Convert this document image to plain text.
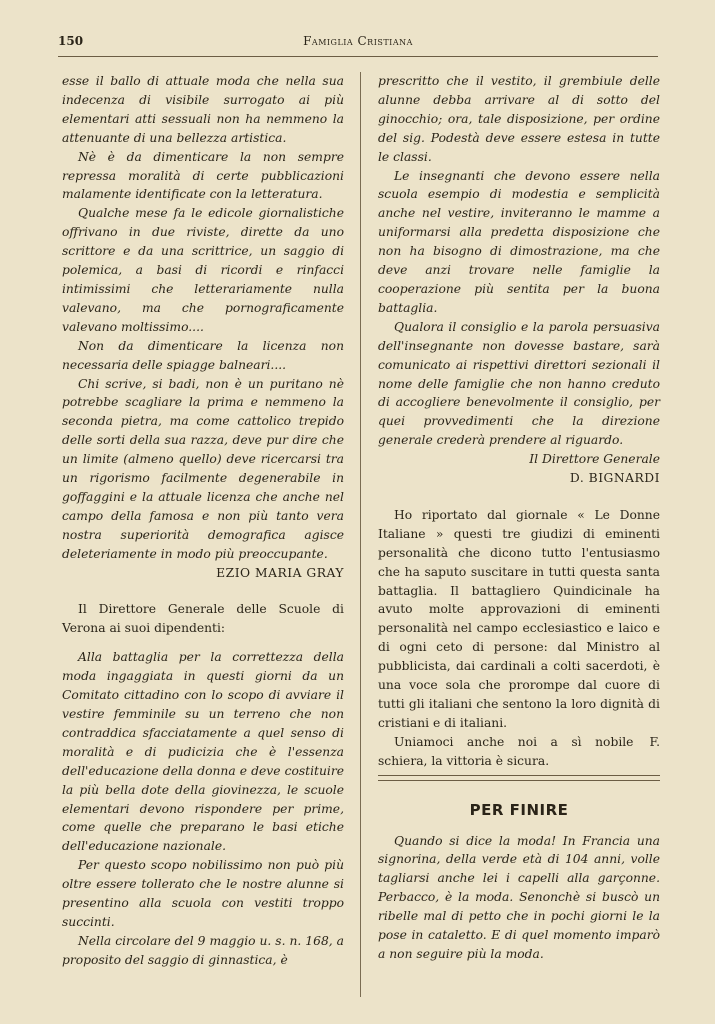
150	Famiglia Cristiana

esse il ballo di attuale moda che nella sua indecenza di visibile surrogato ai più elementari atti sessuali non ha nemmeno la attenuante di una bellezza artistica.

Nè è da dimenticare la non sempre repressa moralità di certe pubblicazioni malamente identificate con la letteratura.

Qualche mese fa le edicole giornalistiche offrivano in due riviste, dirette da uno scrittore e da una scrittrice, un saggio di polemica, a basi di ricordi e rinfacci intimissimi che letterariamente nulla valevano, ma che pornograficamente valevano moltissimo....

Non da dimenticare la licenza non necessaria delle spiagge balneari....

Chi scrive, si badi, non è un puritano nè potrebbe scagliare la prima e nemmeno la seconda pietra, ma come cattolico trepido delle sorti della sua razza, deve pur dire che un limite (almeno quello) deve ricercarsi tra un rigorismo facilmente degenerabile in goffaggini e la attuale licenza che anche nel campo della famosa e non più tanto vera nostra superiorità demografica agisce deleteriamente in modo più preoccupante.

EZIO MARIA GRAY

Il Direttore Generale delle Scuole di Verona ai suoi dipendenti:

Alla battaglia per la correttezza della moda ingaggiata in questi giorni da un Comitato cittadino con lo scopo di avviare il vestire femminile su un terreno che non contraddica sfacciatamente a quel senso di moralità e di pudicizia che è l'essenza dell'educazione della donna e deve costituire la più bella dote della giovinezza, le scuole elementari devono rispondere per prime, come quelle che preparano le basi etiche dell'educazione nazionale.

Per questo scopo nobilissimo non può più oltre essere tollerato che le nostre alunne si presentino alla scuola con vestiti troppo succinti.

Nella circolare del 9 maggio u. s. n. 168, a proposito del saggio di ginnastica, è

prescritto che il vestito, il grembiule delle alunne debba arrivare al di sotto del ginocchio; ora, tale disposizione, per ordine del sig. Podestà deve essere estesa in tutte le classi.

Le insegnanti che devono essere nella scuola esempio di modestia e semplicità anche nel vestire, inviteranno le mamme a uniformarsi alla predetta disposizione che non ha bisogno di dimostrazione, ma che deve anzi trovare nelle famiglie la cooperazione più sentita per la buona battaglia.

Qualora il consiglio e la parola persuasiva dell'insegnante non dovesse bastare, sarà comunicato ai rispettivi direttori sezionali il nome delle famiglie che non hanno creduto di accogliere benevolmente il consiglio, per quei provvedimenti che la direzione generale crederà prendere al riguardo.

Il Direttore Generale

D. BIGNARDI

Ho riportato dal giornale « Le Donne Italiane » questi tre giudizi di eminenti personalità che dicono tutto l'entusiasmo che ha saputo suscitare in tutti questa santa battaglia. Il battagliero Quindicinale ha avuto molte approvazioni di eminenti personalità nel campo ecclesiastico e laico e di ogni ceto di persone: dal Ministro al pubblicista, dai cardinali a colti sacerdoti, è una voce sola che prorompe dal cuore di tutti gli italiani che sentono la loro dignità di cristiani e di italiani.

Uniamoci anche noi a sì nobile schiera, la vittoria è sicura.
F.

PER FINIRE

Quando si dice la moda! In Francia una signorina, della verde età di 104 anni, volle tagliarsi anche lei i capelli alla garçonne. Perbacco, è la moda. Senonchè si buscò un ribelle mal di petto che in pochi giorni le la pose in cataletto. E di quel momento imparò a non seguire più la moda.
